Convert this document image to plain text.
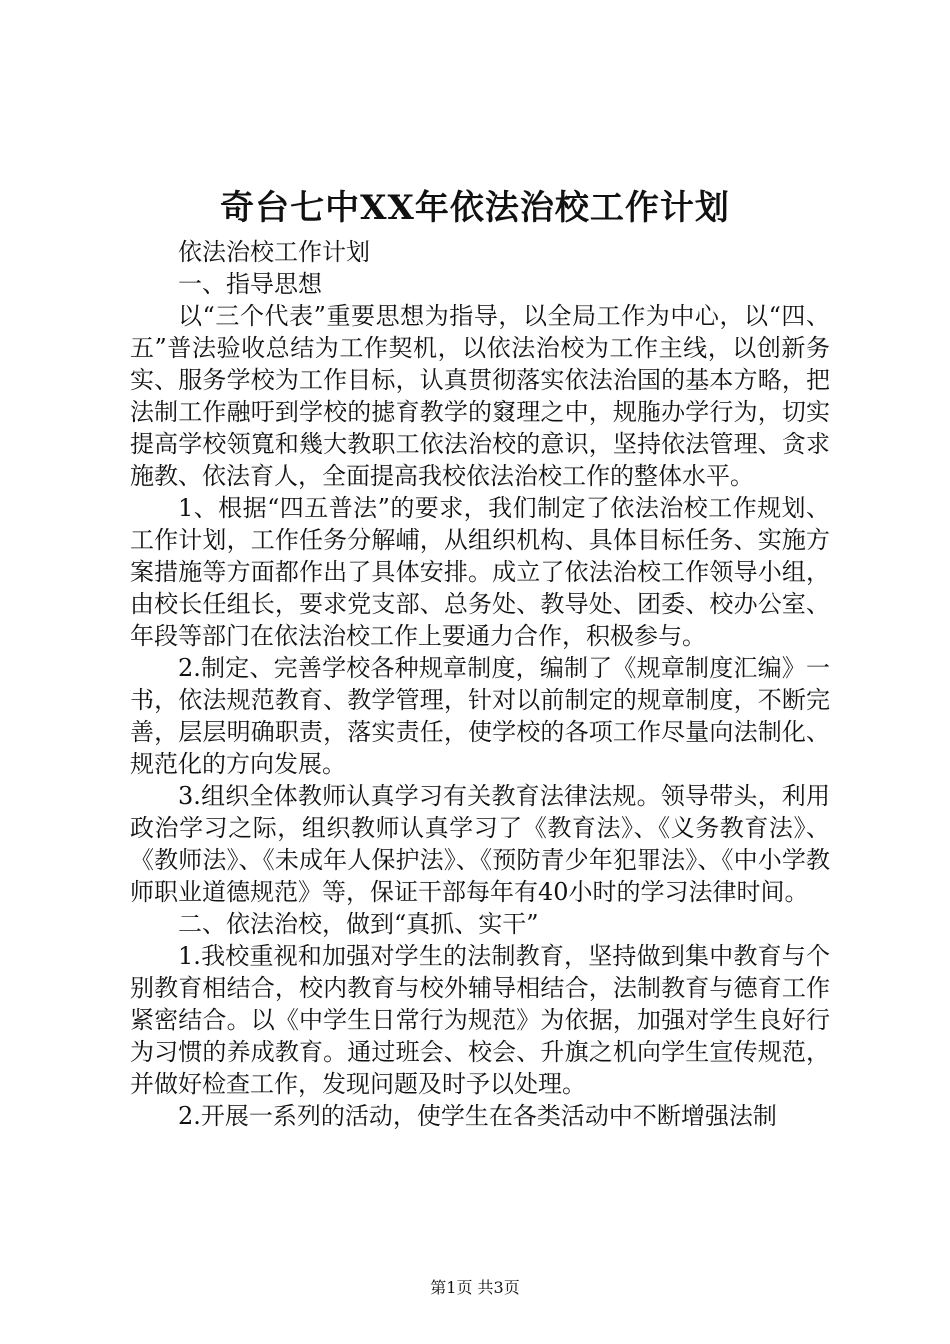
奇台七中XX年依法治校工作计划

依法治校工作计划

一、指导思想

以“三个代表”重要思想为指导，以全局工作为中心，以“四、五”普法验收总结为工作契机，以依法治校为工作主线，以创新务实、服务学校为工作目标，认真贯彻落实依法治国的基本方略，把法制工作融吁到学校的摅育教学的窡理之中，规胣办学行为，切实提高学校领寬和幾大教职工依法治校的意识，坚持依法管理、贪求施教、依法育人，全面提高我校依法治校工作的整体水平。

1、根据“四五普法”的要求，我们制定了依法治校工作规划、工作计划，工作任务分解峬，从组织机构、具体目标任务、实施方案措施等方面都作出了具体安排。成立了依法治校工作领导小组，由校长任组长，要求党支部、总务处、教导处、团委、校办公室、年段等部门在依法治校工作上要通力合作，积极参与。

2.制定、完善学校各种规章制度，编制了《规章制度汇编》一书，依法规范教育、教学管理，针对以前制定的规章制度，不断完善，层层明确职责，落实责任，使学校的各项工作尽量向法制化、规范化的方向发展。

3.组织全体教师认真学习有关教育法律法规。领导带头，利用政治学习之际，组织教师认真学习了《教育法》、《义务教育法》、《教师法》、《未成年人保护法》、《预防青少年犯罪法》、《中小学教师职业道德规范》等，保证干部每年有40小时的学习法律时间。

二、依法治校，做到“真抓、实干”

1.我校重视和加强对学生的法制教育，坚持做到集中教育与个别教育相结合，校内教育与校外辅导相结合，法制教育与德育工作紧密结合。以《中学生日常行为规范》为依据，加强对学生良好行为习惯的养成教育。通过班会、校会、升旗之机向学生宣传规范，并做好检查工作，发现问题及时予以处理。

2.开展一系列的活动，使学生在各类活动中不断增强法制

第1页 共3页
